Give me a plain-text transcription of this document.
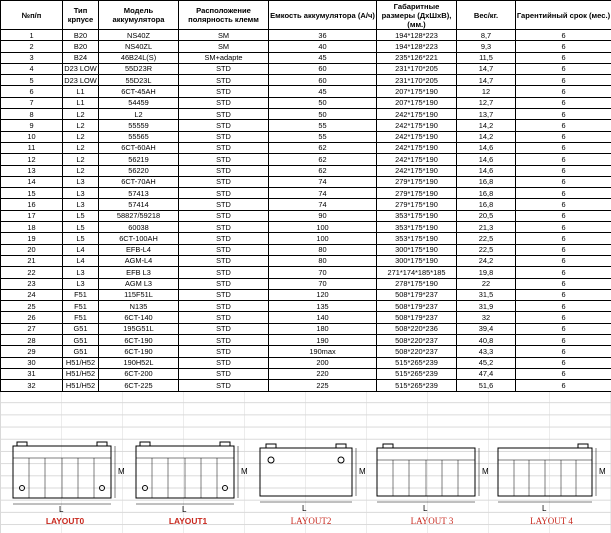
№п/п	Тип крпусе	Модель аккумулятора	Расположение полярность клемм	Емкость аккумулятора (А/ч)	Габаритные размеры (ДхШхВ),(мм.)	Вес/кг.	Гарентийный срок (мес.)
1	B20	NS40Z	SM	36	194*128*223	8,7	6
2	B20	NS40ZL	SM	40	194*128*223	9,3	6
3	B24	46B24L(S)	SM+adapte	45	235*126*221	11,5	6
4	D23 LOW	55D23R	STD	60	231*170*205	14,7	6
5	D23 LOW	55D23L	STD	60	231*170*205	14,7	6
6	L1	6CT-45AH	STD	45	207*175*190	12	6
7	L1	54459	STD	50	207*175*190	12,7	6
8	L2	L2	STD	50	242*175*190	13,7	6
9	L2	55559	STD	55	242*175*190	14,2	6
10	L2	55565	STD	55	242*175*190	14,2	6
11	L2	6CT-60AH	STD	62	242*175*190	14,6	6
12	L2	56219	STD	62	242*175*190	14,6	6
13	L2	56220	STD	62	242*175*190	14,6	6
14	L3	6CT-70AH	STD	74	279*175*190	16,8	6
15	L3	57413	STD	74	279*175*190	16,8	6
16	L3	57414	STD	74	279*175*190	16,8	6
17	L5	58827/59218	STD	90	353*175*190	20,5	6
18	L5	60038	STD	100	353*175*190	21,3	6
19	L5	6CT-100AH	STD	100	353*175*190	22,5	6
20	L4	EFB-L4	STD	80	300*175*190	22,5	6
21	L4	AGM-L4	STD	80	300*175*190	24,2	6
22	L3	EFB L3	STD	70	271*174*185*185	19,8	6
23	L3	AGM L3	STD	70	278*175*190	22	6
24	F51	115F51L	STD	120	508*179*237	31,5	6
25	F51	N135	STD	135	508*179*237	31,9	6
26	F51	6CT-140	STD	140	508*179*237	32	6
27	G51	195G51L	STD	180	508*220*236	39,4	6
28	G51	6CT-190	STD	190	508*220*237	40,8	6
29	G51	6CT-190	STD	190max	508*220*237	43,3	6
30	H51/H52	190H52L	STD	200	515*265*239	45,2	6
31	H51/H52	6CT-200	STD	220	515*265*239	47,4	6
32	H51/H52	6CT-225	STD	225	515*265*239	51,6	6
M
L
LAYOUT0
M
L
LAYOUT1
M
L
LAYOUT2
M
L
LAYOUT 3
M
L
LAYOUT 4
